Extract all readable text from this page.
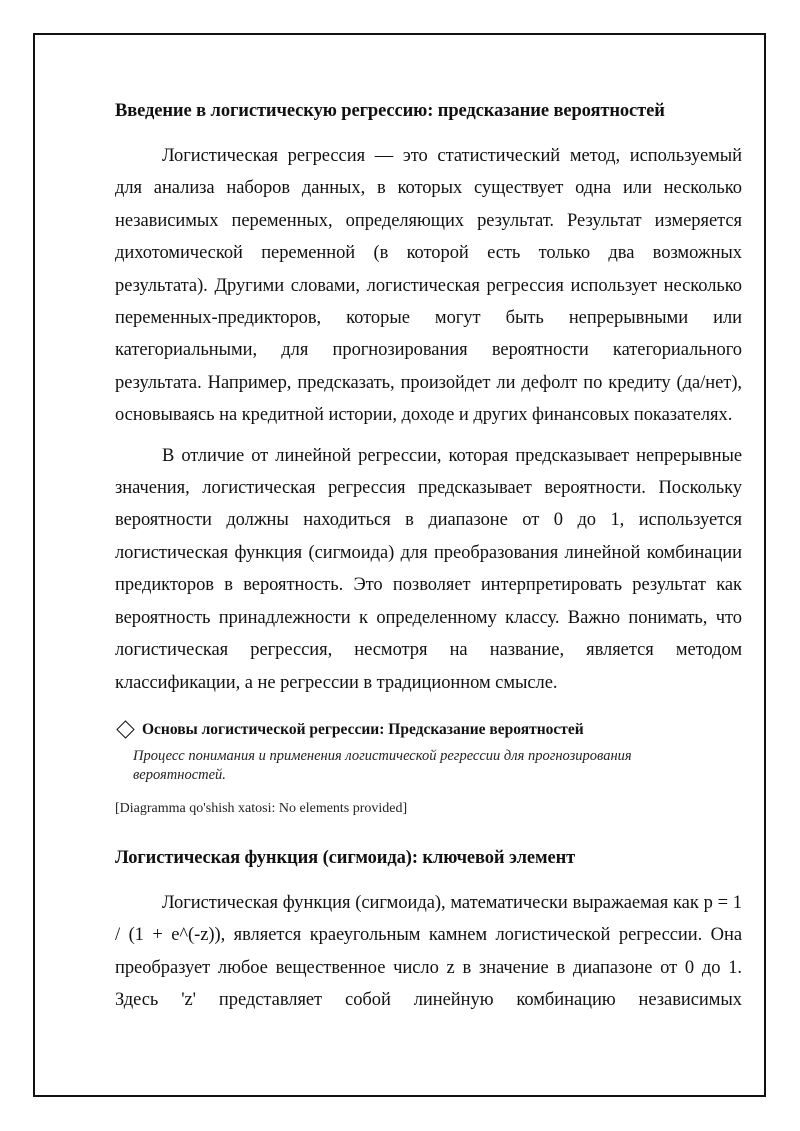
Введение в логистическую регрессию: предсказание вероятностей

Логистическая регрессия — это статистический метод, используемый для анализа наборов данных, в которых существует одна или несколько независимых переменных, определяющих результат. Результат измеряется дихотомической переменной (в которой есть только два возможных результата). Другими словами, логистическая регрессия использует несколько переменных-предикторов, которые могут быть непрерывными или категориальными, для прогнозирования вероятности категориального результата. Например, предсказать, произойдет ли дефолт по кредиту (да/нет), основываясь на кредитной истории, доходе и других финансовых показателях.

В отличие от линейной регрессии, которая предсказывает непрерывные значения, логистическая регрессия предсказывает вероятности. Поскольку вероятности должны находиться в диапазоне от 0 до 1, используется логистическая функция (сигмоида) для преобразования линейной комбинации предикторов в вероятность. Это позволяет интерпретировать результат как вероятность принадлежности к определенному классу. Важно понимать, что логистическая регрессия, несмотря на название, является методом классификации, а не регрессии в традиционном смысле.

Основы логистической регрессии: Предсказание вероятностей
Процесс понимания и применения логистической регрессии для прогнозирования вероятностей.
[Diagramma qo'shish xatosi: No elements provided]
Логистическая функция (сигмоида): ключевой элемент

Логистическая функция (сигмоида), математически выражаемая как p = 1 / (1 + e^(-z)), является краеугольным камнем логистической регрессии. Она преобразует любое вещественное число z в значение в диапазоне от 0 до 1. Здесь 'z' представляет собой линейную комбинацию независимых
